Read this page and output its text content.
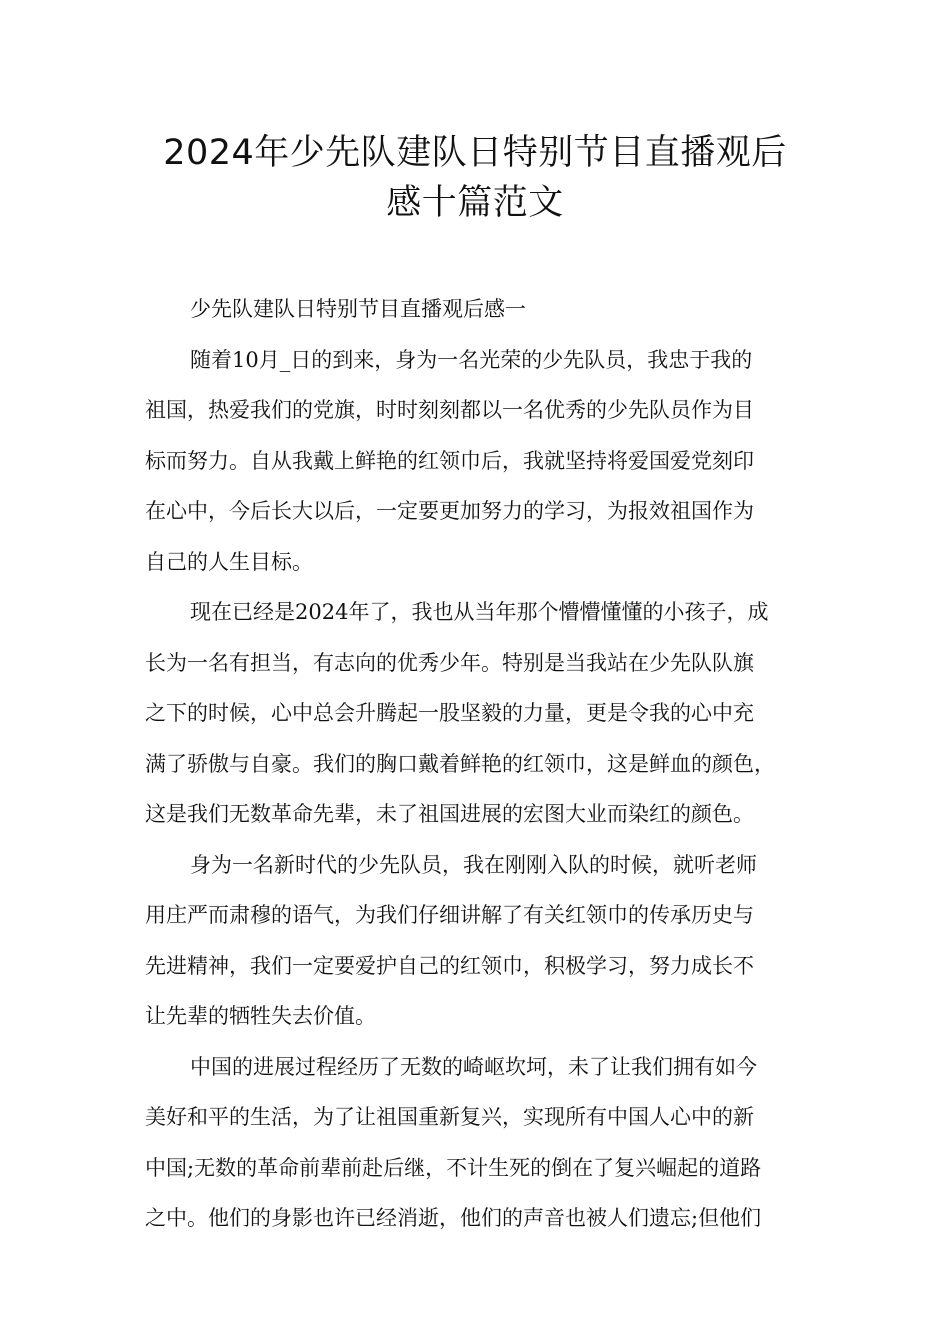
2024年少先队建队日特别节目直播观后
感十篇范文
少先队建队日特别节目直播观后感一
随着10月_日的到来，身为一名光荣的少先队员，我忠于我的
祖国，热爱我们的党旗，时时刻刻都以一名优秀的少先队员作为目
标而努力。自从我戴上鲜艳的红领巾后，我就坚持将爱国爱党刻印
在心中，今后长大以后，一定要更加努力的学习，为报效祖国作为
自己的人生目标。
现在已经是2024年了，我也从当年那个懵懵懂懂的小孩子，成
长为一名有担当，有志向的优秀少年。特别是当我站在少先队队旗
之下的时候，心中总会升腾起一股坚毅的力量，更是令我的心中充
满了骄傲与自豪。我们的胸口戴着鲜艳的红领巾，这是鲜血的颜色，
这是我们无数革命先辈，未了祖国进展的宏图大业而染红的颜色。
身为一名新时代的少先队员，我在刚刚入队的时候，就听老师
用庄严而肃穆的语气，为我们仔细讲解了有关红领巾的传承历史与
先进精神，我们一定要爱护自己的红领巾，积极学习，努力成长不
让先辈的牺牲失去价值。
中国的进展过程经历了无数的崎岖坎坷，未了让我们拥有如今
美好和平的生活，为了让祖国重新复兴，实现所有中国人心中的新
中国;无数的革命前辈前赴后继，不计生死的倒在了复兴崛起的道路
之中。他们的身影也许已经消逝，他们的声音也被人们遗忘;但他们
